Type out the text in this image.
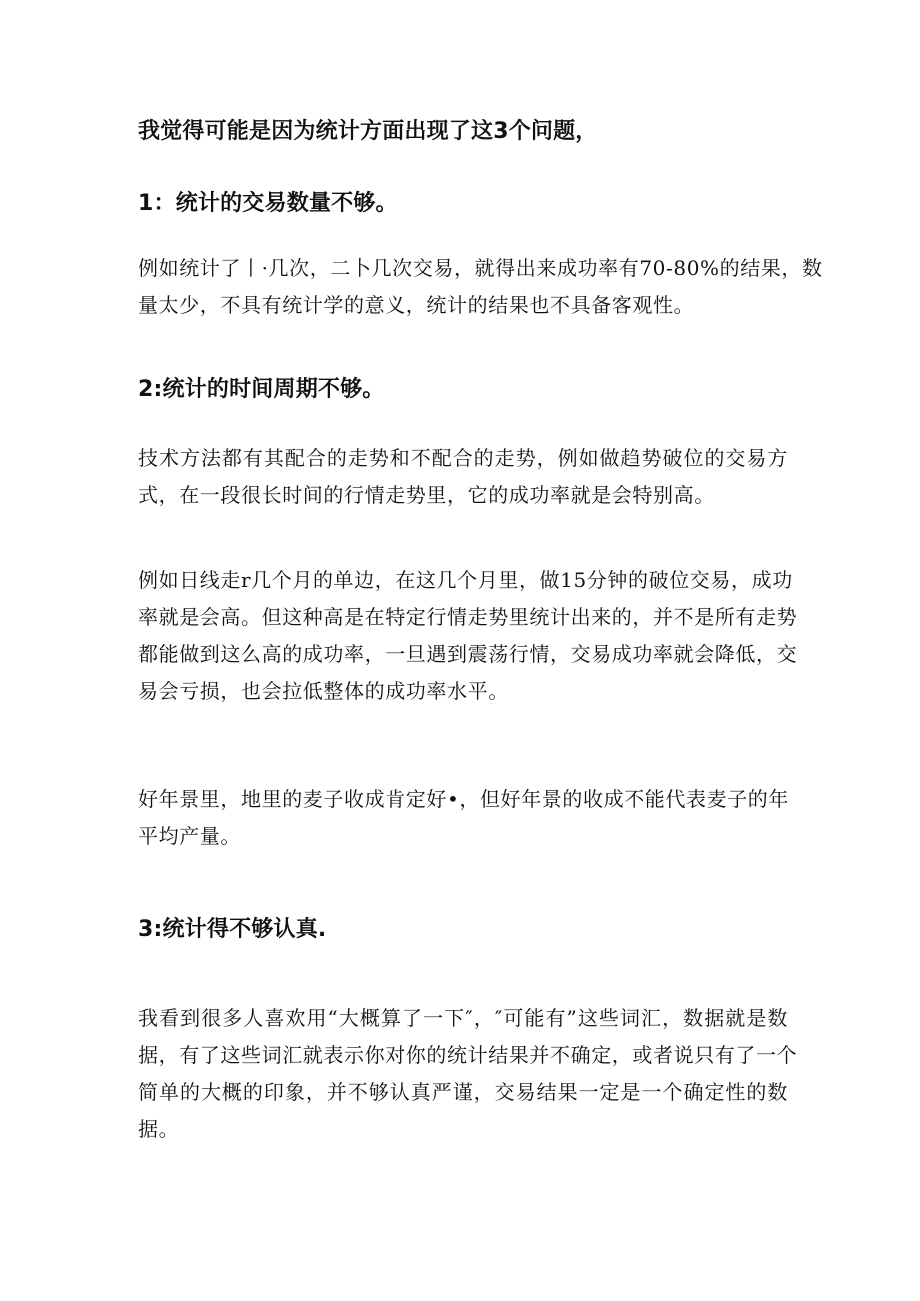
我觉得可能是因为统计方面出现了这3个问题，
1：统计的交易数量不够。
例如统计了丨·几次，二卜几次交易，就得出来成功率有70-80%的结果，数
量太少，不具有统计学的意义，统计的结果也不具备客观性。
2:统计的时间周期不够。
技术方法都有其配合的走势和不配合的走势，例如做趋势破位的交易方
式，在一段很长时间的行情走势里，它的成功率就是会特别高。
例如日线走r几个月的单边，在这几个月里，做15分钟的破位交易，成功
率就是会高。但这种高是在特定行情走势里统计出来的，并不是所有走势
都能做到这么高的成功率，一旦遇到震荡行情，交易成功率就会降低，交
易会亏损，也会拉低整体的成功率水平。
好年景里，地里的麦子收成肯定好•，但好年景的收成不能代表麦子的年
平均产量。
3:统计得不够认真.
我看到很多人喜欢用“大概算了一下″，″可能有”这些词汇，数据就是数
据，有了这些词汇就表示你对你的统计结果并不确定，或者说只有了一个
简单的大概的印象，并不够认真严谨，交易结果一定是一个确定性的数
据。
